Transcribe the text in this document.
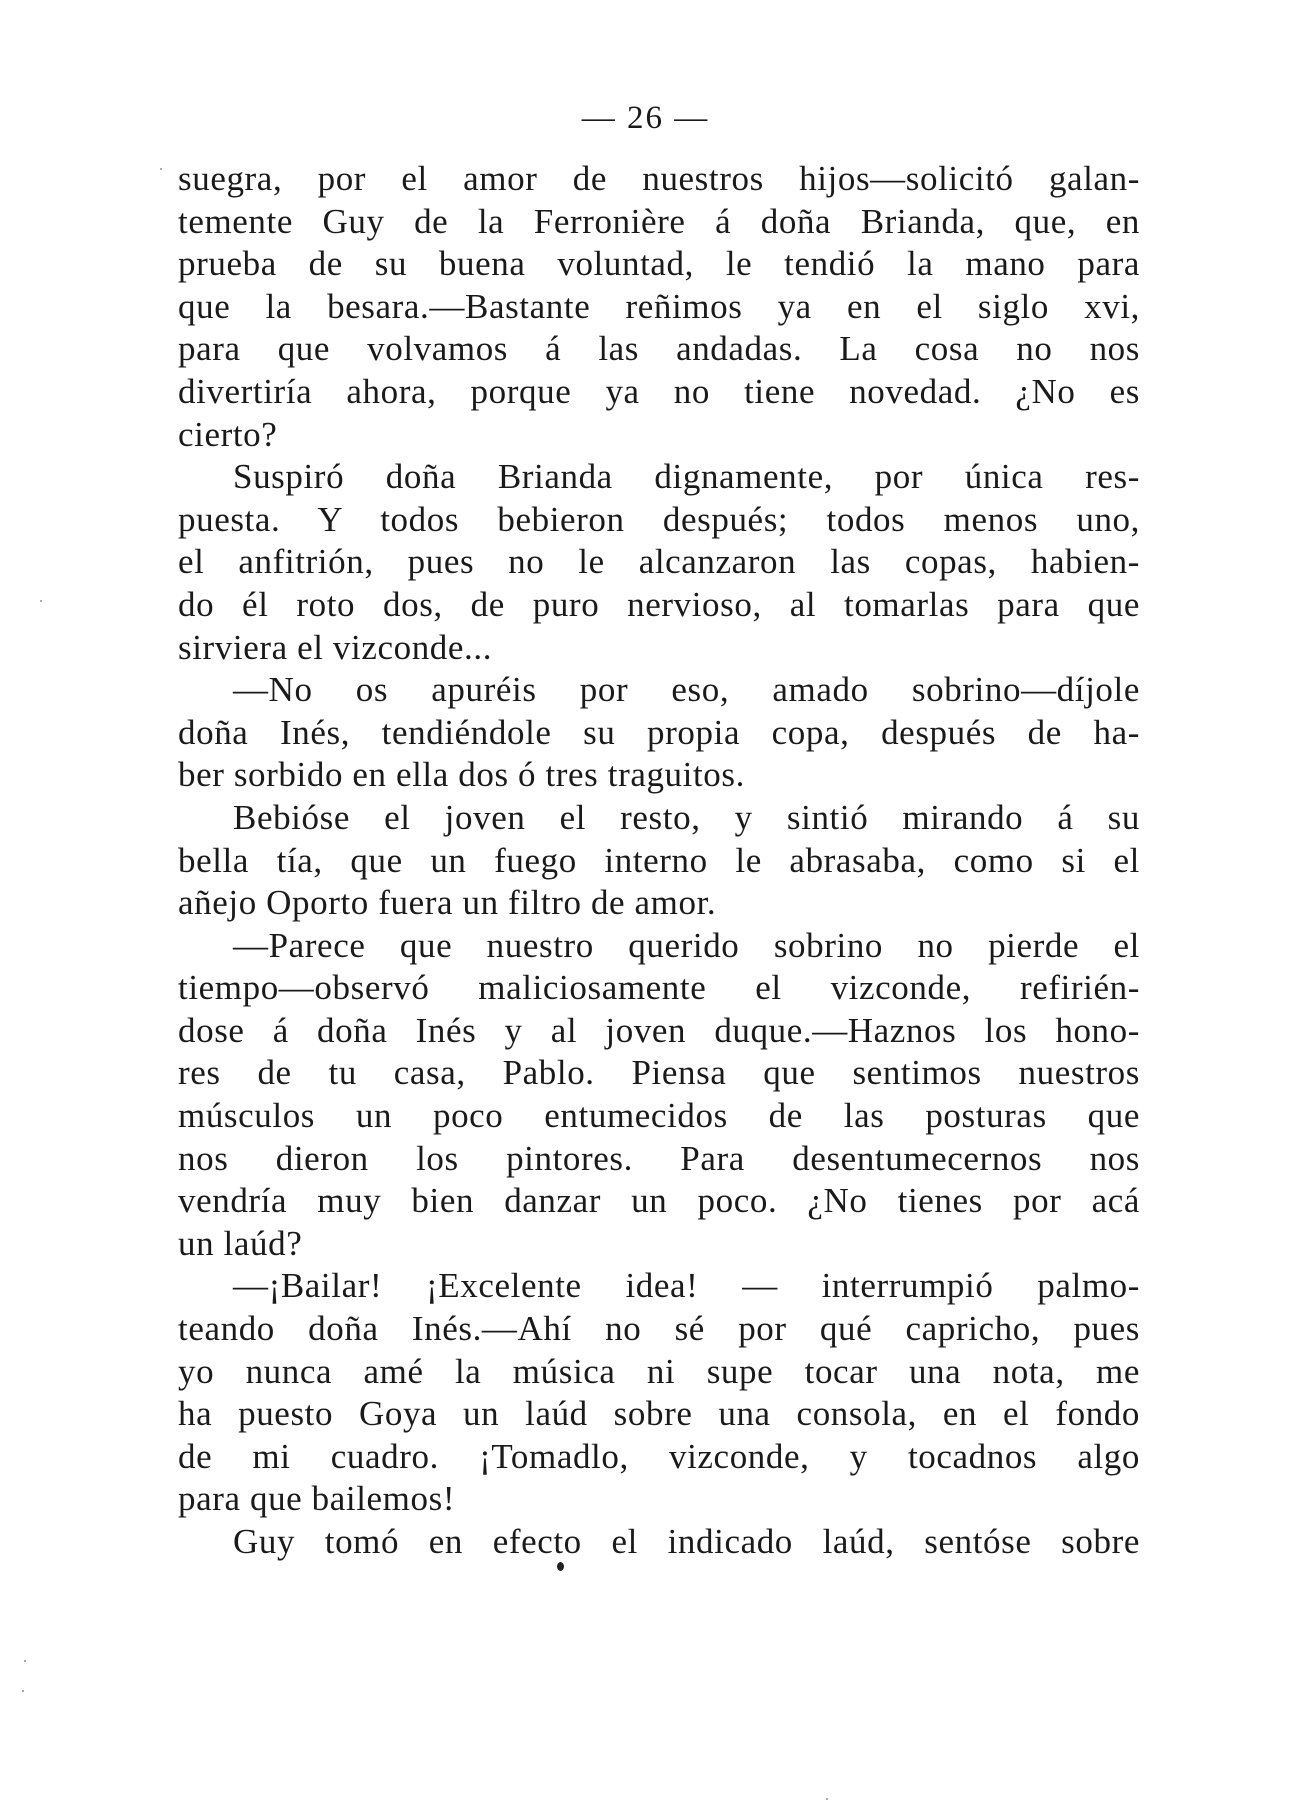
— 26 —
suegra, por el amor de nuestros hijos—solicitó galan-
temente Guy de la Ferronière á doña Brianda, que, en
prueba de su buena voluntad, le tendió la mano para
que la besara.—Bastante reñimos ya en el siglo xvi,
para que volvamos á las andadas. La cosa no nos
divertiría ahora, porque ya no tiene novedad. ¿No es
cierto?
Suspiró doña Brianda dignamente, por única res-
puesta. Y todos bebieron después; todos menos uno,
el anfitrión, pues no le alcanzaron las copas, habien-
do él roto dos, de puro nervioso, al tomarlas para que
sirviera el vizconde...
—No os apuréis por eso, amado sobrino—díjole
doña Inés, tendiéndole su propia copa, después de ha-
ber sorbido en ella dos ó tres traguitos.
Bebióse el joven el resto, y sintió mirando á su
bella tía, que un fuego interno le abrasaba, como si el
añejo Oporto fuera un filtro de amor.
—Parece que nuestro querido sobrino no pierde el
tiempo—observó maliciosamente el vizconde, refirién-
dose á doña Inés y al joven duque.—Haznos los hono-
res de tu casa, Pablo. Piensa que sentimos nuestros
músculos un poco entumecidos de las posturas que
nos dieron los pintores. Para desentumecernos nos
vendría muy bien danzar un poco. ¿No tienes por acá
un laúd?
—¡Bailar! ¡Excelente idea! — interrumpió palmo-
teando doña Inés.—Ahí no sé por qué capricho, pues
yo nunca amé la música ni supe tocar una nota, me
ha puesto Goya un laúd sobre una consola, en el fondo
de mi cuadro. ¡Tomadlo, vizconde, y tocadnos algo
para que bailemos!
Guy tomó en efecto el indicado laúd, sentóse sobre
